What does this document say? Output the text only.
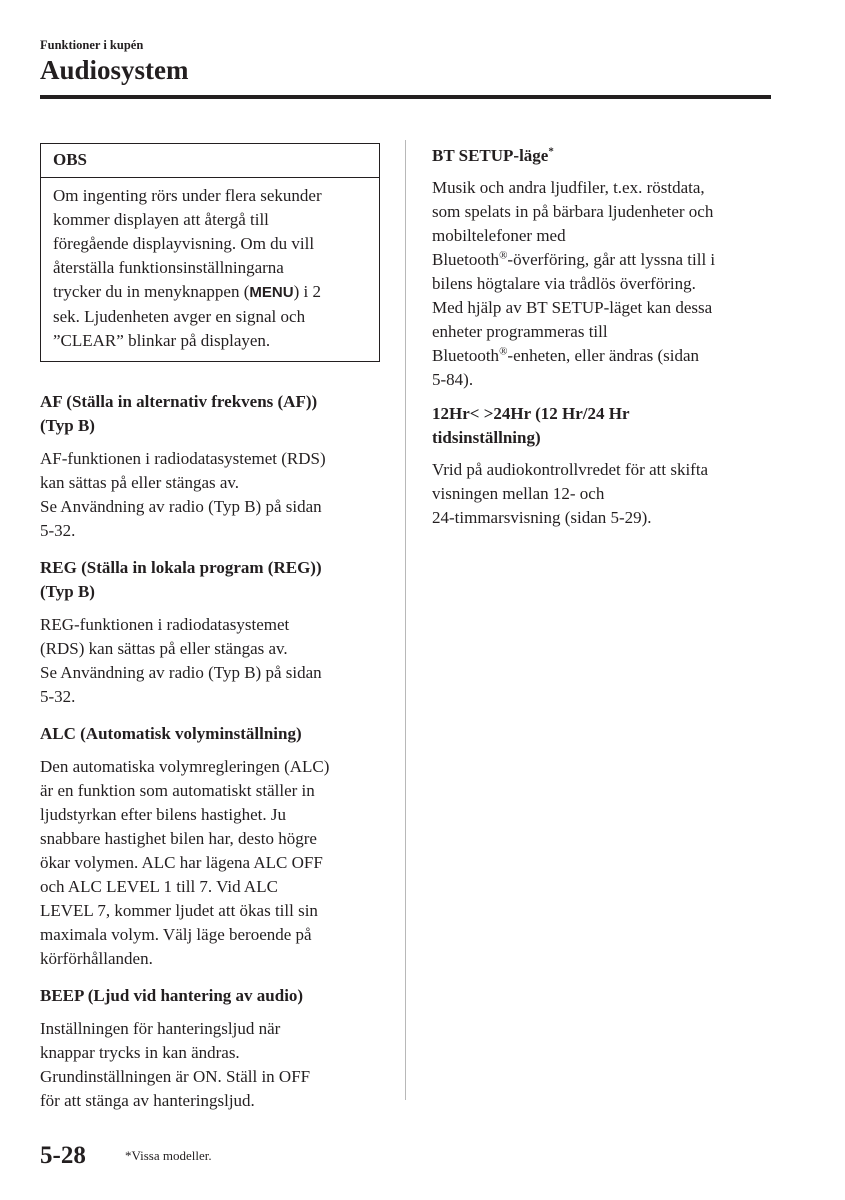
Funktioner i kupén
Audiosystem
OBS
Om ingenting rörs under flera sekunder
kommer displayen att återgå till
föregående displayvisning. Om du vill
återställa funktionsinställningarna
trycker du in menyknappen (MENU) i 2
sek. Ljudenheten avger en signal och
”CLEAR” blinkar på displayen.

AF (Ställa in alternativ frekvens (AF))
(Typ B)

AF-funktionen i radiodatasystemet (RDS)
kan sättas på eller stängas av.
Se Användning av radio (Typ B) på sidan
5-32.

REG (Ställa in lokala program (REG))
(Typ B)

REG-funktionen i radiodatasystemet
(RDS) kan sättas på eller stängas av.
Se Användning av radio (Typ B) på sidan
5-32.

ALC (Automatisk volyminställning)

Den automatiska volymregleringen (ALC)
är en funktion som automatiskt ställer in
ljudstyrkan efter bilens hastighet. Ju
snabbare hastighet bilen har, desto högre
ökar volymen. ALC har lägena ALC OFF
och ALC LEVEL 1 till 7. Vid ALC
LEVEL 7, kommer ljudet att ökas till sin
maximala volym. Välj läge beroende på
körförhållanden.

BEEP (Ljud vid hantering av audio)

Inställningen för hanteringsljud när
knappar trycks in kan ändras.
Grundinställningen är ON. Ställ in OFF
för att stänga av hanteringsljud.

BT SETUP-läge*

Musik och andra ljudfiler, t.ex. röstdata,
som spelats in på bärbara ljudenheter och
mobiltelefoner med
Bluetooth®-överföring, går att lyssna till i
bilens högtalare via trådlös överföring.
Med hjälp av BT SETUP-läget kan dessa
enheter programmeras till
Bluetooth®-enheten, eller ändras (sidan
5-84).

12Hr< >24Hr (12 Hr/24 Hr
tidsinställning)

Vrid på audiokontrollvredet för att skifta
visningen mellan 12- och
24-timmarsvisning (sidan 5-29).

5-28	*Vissa modeller.
